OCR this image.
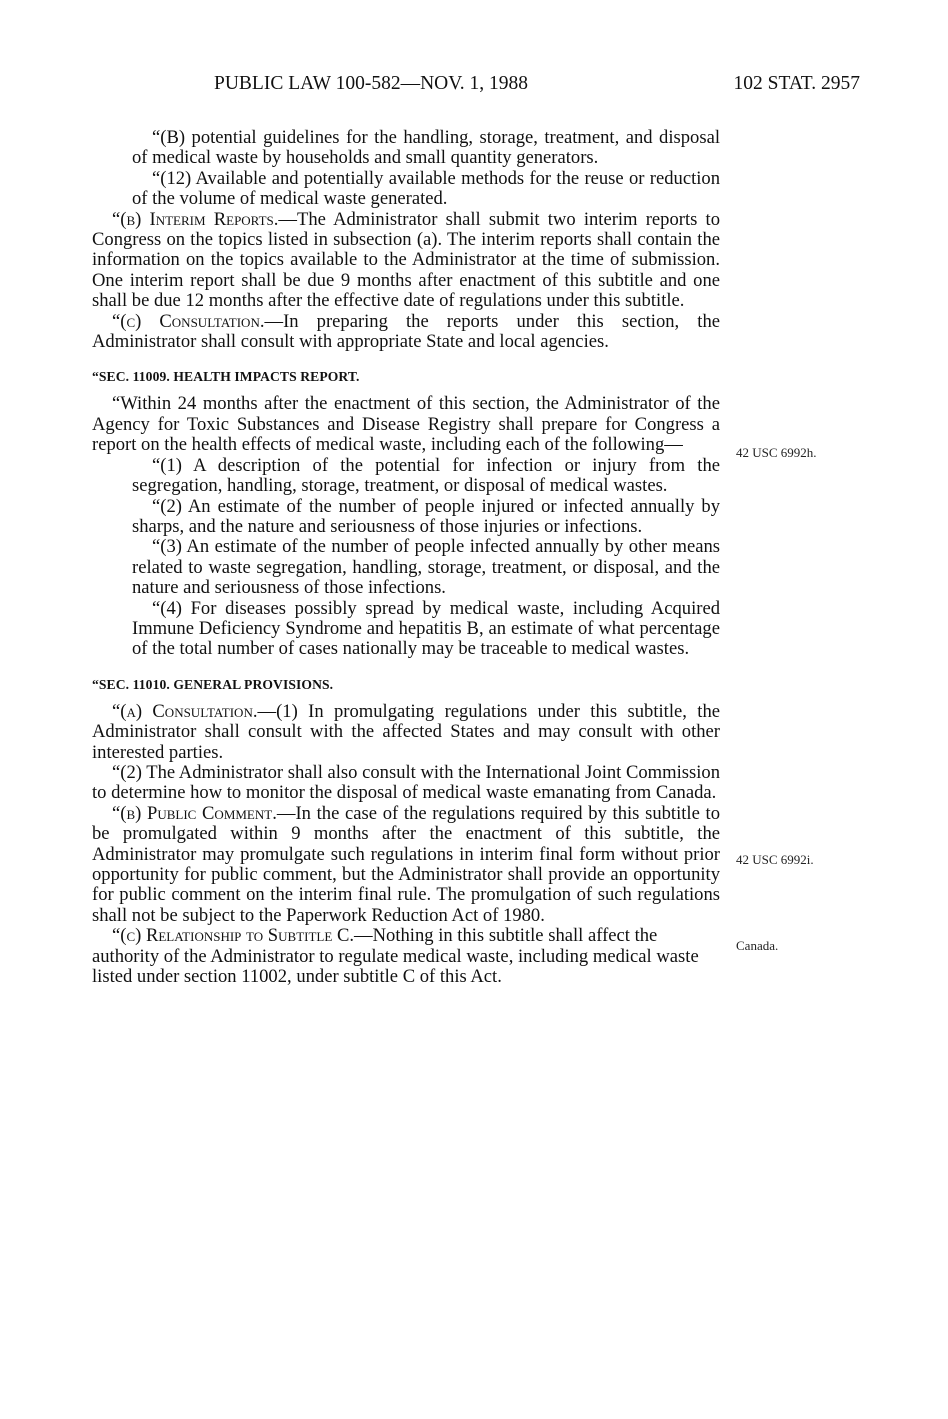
PUBLIC LAW 100-582—NOV. 1, 1988	102 STAT. 2957

“(B) potential guidelines for the handling, storage, treatment, and disposal of medical waste by households and small quantity generators.

“(12) Available and potentially available methods for the reuse or reduction of the volume of medical waste generated.

“(b) Interim Reports.—The Administrator shall submit two interim reports to Congress on the topics listed in subsection (a). The interim reports shall contain the information on the topics available to the Administrator at the time of submission. One interim report shall be due 9 months after enactment of this subtitle and one shall be due 12 months after the effective date of regulations under this subtitle.

“(c) Consultation.—In preparing the reports under this section, the Administrator shall consult with appropriate State and local agencies.

“SEC. 11009. HEALTH IMPACTS REPORT.

“Within 24 months after the enactment of this section, the Administrator of the Agency for Toxic Substances and Disease Registry shall prepare for Congress a report on the health effects of medical waste, including each of the following—

“(1) A description of the potential for infection or injury from the segregation, handling, storage, treatment, or disposal of medical wastes.

“(2) An estimate of the number of people injured or infected annually by sharps, and the nature and seriousness of those injuries or infections.

“(3) An estimate of the number of people infected annually by other means related to waste segregation, handling, storage, treatment, or disposal, and the nature and seriousness of those infections.

“(4) For diseases possibly spread by medical waste, including Acquired Immune Deficiency Syndrome and hepatitis B, an estimate of what percentage of the total number of cases nationally may be traceable to medical wastes.

“SEC. 11010. GENERAL PROVISIONS.

“(a) Consultation.—(1) In promulgating regulations under this subtitle, the Administrator shall consult with the affected States and may consult with other interested parties.

“(2) The Administrator shall also consult with the International Joint Commission to determine how to monitor the disposal of medical waste emanating from Canada.

“(b) Public Comment.—In the case of the regulations required by this subtitle to be promulgated within 9 months after the enactment of this subtitle, the Administrator may promulgate such regulations in interim final form without prior opportunity for public comment, but the Administrator shall provide an opportunity for public comment on the interim final rule. The promulgation of such regulations shall not be subject to the Paperwork Reduction Act of 1980.

“(c) Relationship to Subtitle C.—Nothing in this subtitle shall affect the authority of the Administrator to regulate medical waste, including medical waste listed under section 11002, under subtitle C of this Act.

42 USC 6992h.
42 USC 6992i.
Canada.
